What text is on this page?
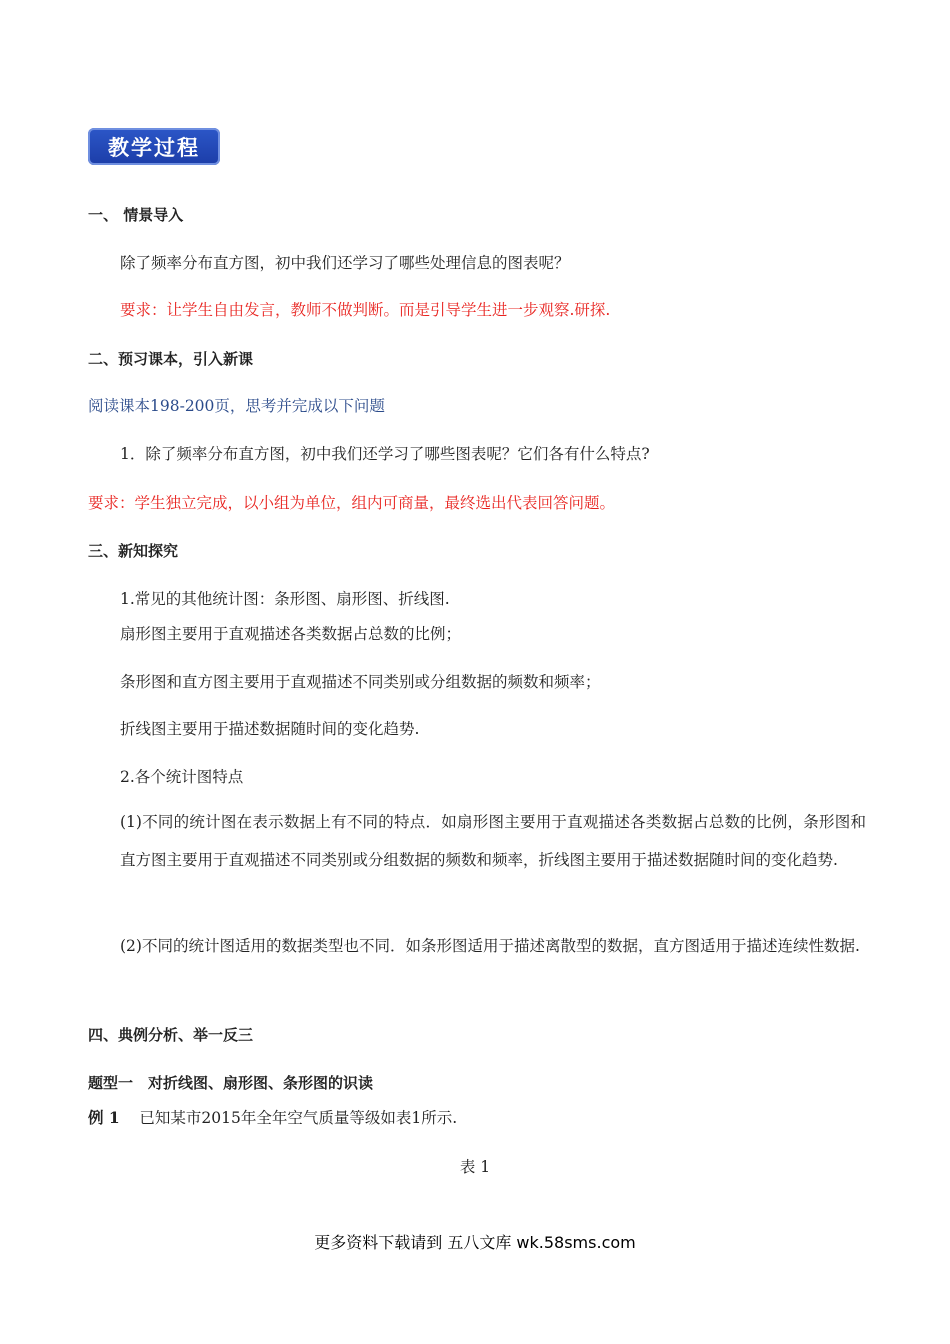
教学过程
一、 情景导入
除了频率分布直方图，初中我们还学习了哪些处理信息的图表呢？
要求：让学生自由发言，教师不做判断。而是引导学生进一步观察.研探.
二、预习课本，引入新课
阅读课本198-200页，思考并完成以下问题
1．除了频率分布直方图，初中我们还学习了哪些图表呢？它们各有什么特点?
要求：学生独立完成，以小组为单位，组内可商量，最终选出代表回答问题。
三、新知探究
1.常见的其他统计图：条形图、扇形图、折线图.
扇形图主要用于直观描述各类数据占总数的比例；
条形图和直方图主要用于直观描述不同类别或分组数据的频数和频率；
折线图主要用于描述数据随时间的变化趋势.
2.各个统计图特点
(1)不同的统计图在表示数据上有不同的特点．如扇形图主要用于直观描述各类数据占总数的比例，条形图和直方图主要用于直观描述不同类别或分组数据的频数和频率，折线图主要用于描述数据随时间的变化趋势.
(2)不同的统计图适用的数据类型也不同．如条形图适用于描述离散型的数据，直方图适用于描述连续性数据.
四、典例分析、举一反三
题型一　对折线图、扇形图、条形图的识读
例 1 已知某市2015年全年空气质量等级如表1所示.
表 1
更多资料下载请到 五八文库 wk.58sms.com
